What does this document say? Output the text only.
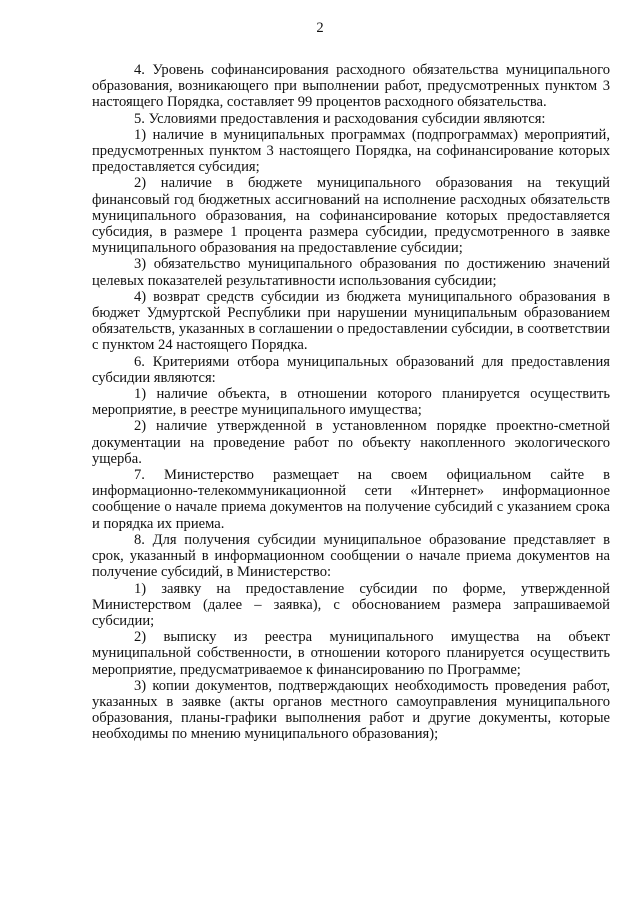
2

4. Уровень софинансирования расходного обязательства муниципального образования, возникающего при выполнении работ, предусмотренных пунктом 3 настоящего Порядка, составляет 99 процентов расходного обязательства.

5. Условиями предоставления и расходования субсидии являются:

1) наличие в муниципальных программах (подпрограммах) мероприятий, предусмотренных пунктом 3 настоящего Порядка, на софинансирование которых предоставляется субсидия;

2) наличие в бюджете муниципального образования на текущий финансовый год бюджетных ассигнований на исполнение расходных обязательств муниципального образования, на софинансирование которых предоставляется субсидия, в размере 1 процента размера субсидии, предусмотренного в заявке муниципального образования на предоставление субсидии;

3) обязательство муниципального образования по достижению значений целевых показателей результативности использования субсидии;

4) возврат средств субсидии из бюджета муниципального образования в бюджет Удмуртской Республики при нарушении муниципальным образованием обязательств, указанных в соглашении о предоставлении субсидии, в соответствии с пунктом 24 настоящего Порядка.

6. Критериями отбора муниципальных образований для предоставления субсидии являются:

1) наличие объекта, в отношении которого планируется осуществить мероприятие, в реестре муниципального имущества;

2) наличие утвержденной в установленном порядке проектно-сметной документации на проведение работ по объекту накопленного экологического ущерба.

7. Министерство размещает на своем официальном сайте в информационно-телекоммуникационной сети «Интернет» информационное сообщение о начале приема документов на получение субсидий с указанием срока и порядка их приема.

8. Для получения субсидии муниципальное образование представляет в срок, указанный в информационном сообщении о начале приема документов на получение субсидий, в Министерство:

1) заявку на предоставление субсидии по форме, утвержденной Министерством (далее – заявка), с обоснованием размера запрашиваемой субсидии;

2) выписку из реестра муниципального имущества на объект муниципальной собственности, в отношении которого планируется осуществить мероприятие, предусматриваемое к финансированию по Программе;

3) копии документов, подтверждающих необходимость проведения работ, указанных в заявке (акты органов местного самоуправления муниципального образования, планы-графики выполнения работ и другие документы, которые необходимы по мнению муниципального образования);
